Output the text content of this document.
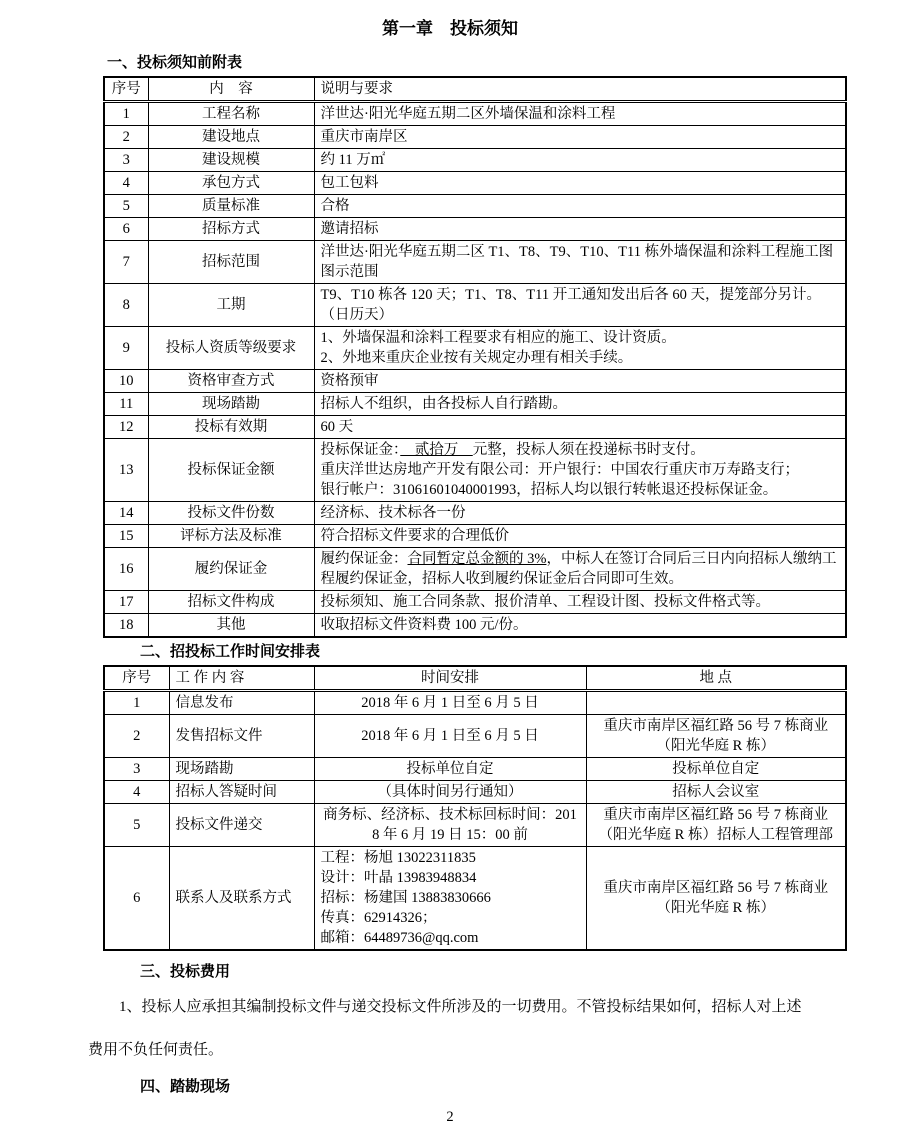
第一章　投标须知
一、投标须知前附表
序号	内　容	说明与要求
1	工程名称	洋世达·阳光华庭五期二区外墙保温和涂料工程
2	建设地点	重庆市南岸区
3	建设规模	约 11 万㎡
4	承包方式	包工包料
5	质量标准	合格
6	招标方式	邀请招标
7	招标范围	洋世达·阳光华庭五期二区 T1、T8、T9、T10、T11 栋外墙保温和涂料工程施工图图示范围
8	工期	T9、T10 栋各 120 天；T1、T8、T11 开工通知发出后各 60 天，提笼部分另计。（日历天）
9	投标人资质等级要求	1、外墙保温和涂料工程要求有相应的施工、设计资质。
2、外地来重庆企业按有关规定办理有相关手续。

10	资格审查方式	资格预审
11	现场踏勘	招标人不组织，由各投标人自行踏勘。
12	投标有效期	60 天
13	投标保证金额	投标保证金：　贰拾万　元整，投标人须在投递标书时支付。
重庆洋世达房地产开发有限公司：开户银行：中国农行重庆市万寿路支行；
银行帐户：31061601040001993，招标人均以银行转帐退还投标保证金。

14	投标文件份数	经济标、技术标各一份
15	评标方法及标准	符合招标文件要求的合理低价
16	履约保证金	履约保证金：合同暂定总金额的 3%，中标人在签订合同后三日内向招标人缴纳工程履约保证金，招标人收到履约保证金后合同即可生效。
17	招标文件构成	投标须知、施工合同条款、报价清单、工程设计图、投标文件格式等。
18	其他	收取招标文件资料费 100 元/份。
二、招投标工作时间安排表
序号	工 作 内 容	时间安排	地 点
1	信息发布	2018 年 6 月 1 日至 6 月 5 日	
2	发售招标文件	2018 年 6 月 1 日至 6 月 5 日	重庆市南岸区福红路 56 号 7 栋商业（阳光华庭 R 栋）
3	现场踏勘	投标单位自定	投标单位自定
4	招标人答疑时间	（具体时间另行通知）	招标人会议室
5	投标文件递交	商务标、经济标、技术标回标时间：2018 年 6 月 19 日 15：00 前	重庆市南岸区福红路 56 号 7 栋商业（阳光华庭 R 栋）招标人工程管理部
6	联系人及联系方式	工程：杨旭 13022311835
设计：叶晶 13983948834
招标：杨建国 13883830666
传真：62914326；
邮箱：64489736@qq.com	重庆市南岸区福红路 56 号 7 栋商业（阳光华庭 R 栋）
三、投标费用
1、投标人应承担其编制投标文件与递交投标文件所涉及的一切费用。不管投标结果如何，招标人对上述费用不负任何责任。
四、踏勘现场
2
